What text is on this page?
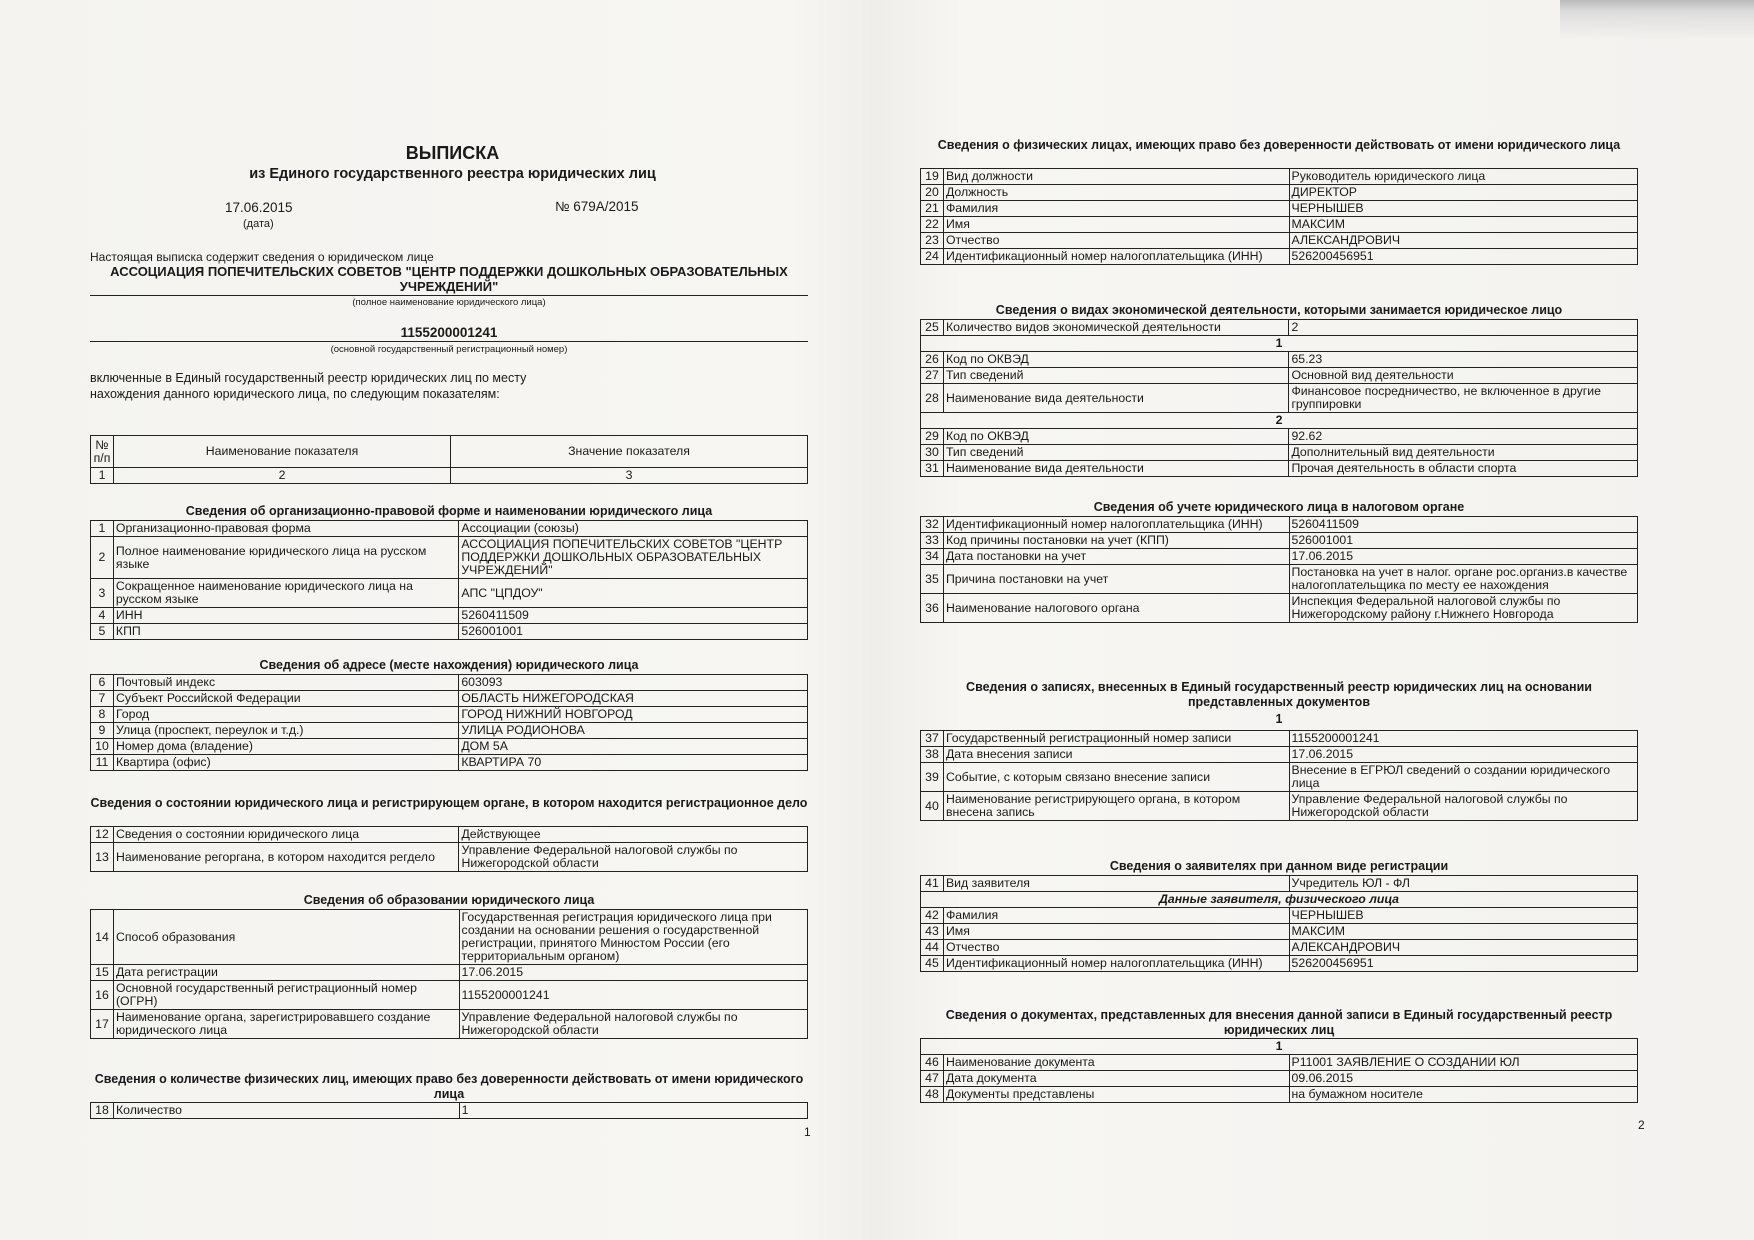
ВЫПИСКА
из Единого государственного реестра юридических лиц
17.06.2015
(дата)
№ 679А/2015
Настоящая выписка содержит сведения о юридическом лице
АССОЦИАЦИЯ ПОПЕЧИТЕЛЬСКИХ СОВЕТОВ "ЦЕНТР ПОДДЕРЖКИ ДОШКОЛЬНЫХ ОБРАЗОВАТЕЛЬНЫХ УЧРЕЖДЕНИЙ"
(полное наименование юридического лица)
1155200001241
(основной государственный регистрационный номер)
включенные в Единый государственный реестр юридических лиц по месту
нахождения данного юридического лица, по следующим показателям:
№ п/п	Наименование показателя	Значение показателя
1	2	3
Сведения об организационно-правовой форме и наименовании юридического лица
1	Организационно-правовая форма	Ассоциации (союзы)
2	Полное наименование юридического лица на русском языке	АССОЦИАЦИЯ ПОПЕЧИТЕЛЬСКИХ СОВЕТОВ "ЦЕНТР ПОДДЕРЖКИ ДОШКОЛЬНЫХ ОБРАЗОВАТЕЛЬНЫХ УЧРЕЖДЕНИЙ"
3	Сокращенное наименование юридического лица на русском языке	АПС "ЦПДОУ"
4	ИНН	5260411509
5	КПП	526001001
Сведения об адресе (месте нахождения) юридического лица
6	Почтовый индекс	603093
7	Субъект Российской Федерации	ОБЛАСТЬ НИЖЕГОРОДСКАЯ
8	Город	ГОРОД НИЖНИЙ НОВГОРОД
9	Улица (проспект, переулок и т.д.)	УЛИЦА РОДИОНОВА
10	Номер дома (владение)	ДОМ 5А
11	Квартира (офис)	КВАРТИРА 70
Сведения о состоянии юридического лица и регистрирующем органе, в котором находится регистрационное дело
12	Сведения о состоянии юридического лица	Действующее
13	Наименование регоргана, в котором находится регдело	Управление Федеральной налоговой службы по Нижегородской области
Сведения об образовании юридического лица
14	Способ образования	Государственная регистрация юридического лица при создании на основании решения о государственной регистрации, принятого Минюстом России (его территориальным органом)
15	Дата регистрации	17.06.2015
16	Основной государственный регистрационный номер (ОГРН)	1155200001241
17	Наименование органа, зарегистрировавшего создание юридического лица	Управление Федеральной налоговой службы по Нижегородской области
Сведения о количестве физических лиц, имеющих право без доверенности действовать от имени юридического лица
18	Количество	1
1
Сведения о физических лицах, имеющих право без доверенности действовать от имени юридического лица
19	Вид должности	Руководитель юридического лица
20	Должность	ДИРЕКТОР
21	Фамилия	ЧЕРНЫШЕВ
22	Имя	МАКСИМ
23	Отчество	АЛЕКСАНДРОВИЧ
24	Идентификационный номер налогоплательщика (ИНН)	526200456951
Сведения о видах экономической деятельности, которыми занимается юридическое лицо
25	Количество видов экономической деятельности	2
1		
26	Код по ОКВЭД	65.23
27	Тип сведений	Основной вид деятельности
28	Наименование вида деятельности	Финансовое посредничество, не включенное в другие группировки
2		
29	Код по ОКВЭД	92.62
30	Тип сведений	Дополнительный вид деятельности
31	Наименование вида деятельности	Прочая деятельность в области спорта
Сведения об учете юридического лица в налоговом органе
32	Идентификационный номер налогоплательщика (ИНН)	5260411509
33	Код причины постановки на учет (КПП)	526001001
34	Дата постановки на учет	17.06.2015
35	Причина постановки на учет	Постановка на учет в налог. органе рос.организ.в качестве налогоплательщика по месту ее нахождения
36	Наименование налогового органа	Инспекция Федеральной налоговой службы по Нижегородскому району г.Нижнего Новгорода
Сведения о записях, внесенных в Единый государственный реестр юридических лиц на основании представленных документов
1
37	Государственный регистрационный номер записи	1155200001241
38	Дата внесения записи	17.06.2015
39	Событие, с которым связано внесение записи	Внесение в ЕГРЮЛ сведений о создании юридического лица
40	Наименование регистрирующего органа, в котором внесена запись	Управление Федеральной налоговой службы по Нижегородской области
Сведения о заявителях при данном виде регистрации
41	Вид заявителя	Учредитель ЮЛ - ФЛ
Данные заявителя, физического лица		
42	Фамилия	ЧЕРНЫШЕВ
43	Имя	МАКСИМ
44	Отчество	АЛЕКСАНДРОВИЧ
45	Идентификационный номер налогоплательщика (ИНН)	526200456951
Сведения о документах, представленных для внесения данной записи в Единый государственный реестр юридических лиц
1		
46	Наименование документа	Р11001 ЗАЯВЛЕНИЕ О СОЗДАНИИ ЮЛ
47	Дата документа	09.06.2015
48	Документы представлены	на бумажном носителе
2
